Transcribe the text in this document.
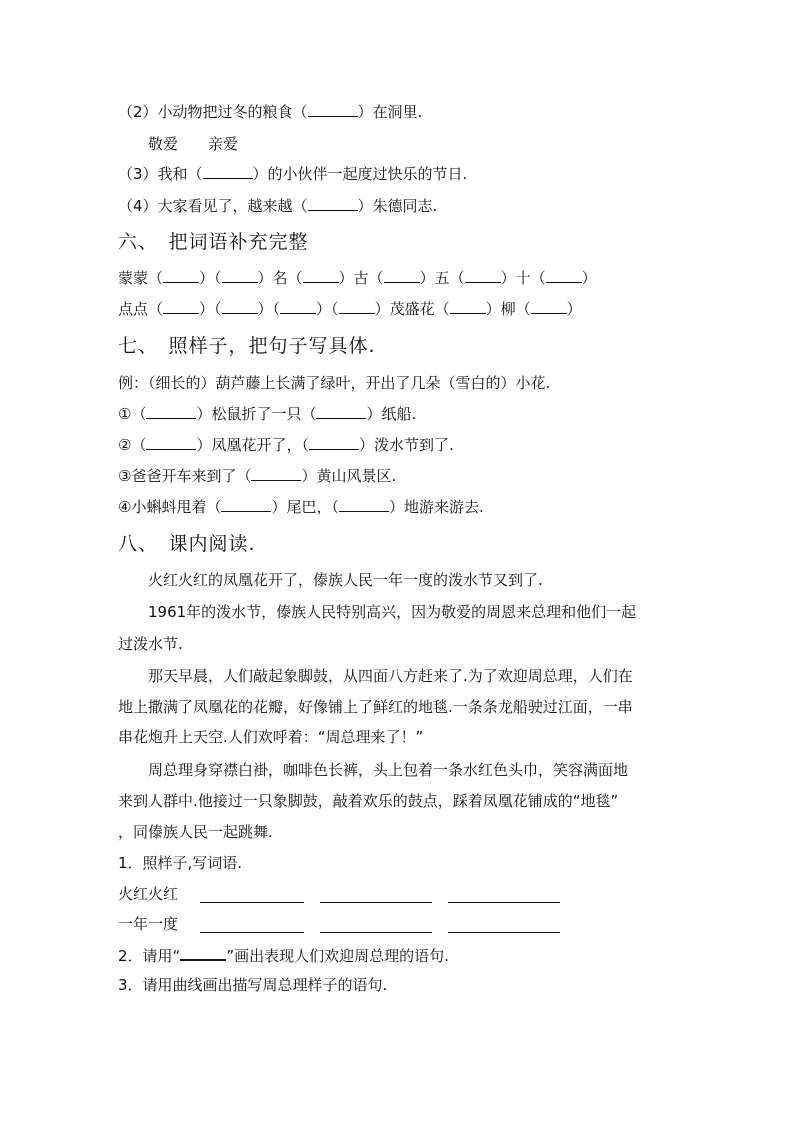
（2）小动物把过冬的粮食（	）在洞里.
敬爱　　亲爱
（3）我和（	）的小伙伴一起度过快乐的节日.
（4）大家看见了，越来越（	）朱德同志.
六、　把词语补充完整
蒙蒙（ ）（ ）名（ ）古（ ）五（ ）十（ ）
点点（ ）（ ）（ ）（ ）茂盛花（ ）柳（ ）
七、　照样子，把句子写具体.
例：（细长的）葫芦藤上长满了绿叶，开出了几朵（雪白的）小花.
①（	）松鼠折了一只（	）纸船.
②（	）凤凰花开了，（	）泼水节到了.
③爸爸开车来到了（	）黄山风景区.
④小蝌蚪甩着（	）尾巴，（	）地游来游去.
八、　课内阅读.
火红火红的凤凰花开了，傣族人民一年一度的泼水节又到了.
1961年的泼水节，傣族人民特别高兴，因为敬爱的周恩来总理和他们一起
过泼水节.
那天早晨，人们敲起象脚鼓，从四面八方赶来了.为了欢迎周总理，人们在
地上撒满了凤凰花的花瓣，好像铺上了鲜红的地毯.一条条龙船驶过江面，一串
串花炮升上天空.人们欢呼着：“周总理来了！”
周总理身穿襟白褂，咖啡色长裤，头上包着一条水红色头巾，笑容满面地
来到人群中.他接过一只象脚鼓，敲着欢乐的鼓点，踩着凤凰花铺成的“地毯”
，同傣族人民一起跳舞.
1．照样子,写词语.
火红火红
一年一度
2．请用“	”画出表现人们欢迎周总理的语句.
3．请用曲线画出描写周总理样子的语句.
